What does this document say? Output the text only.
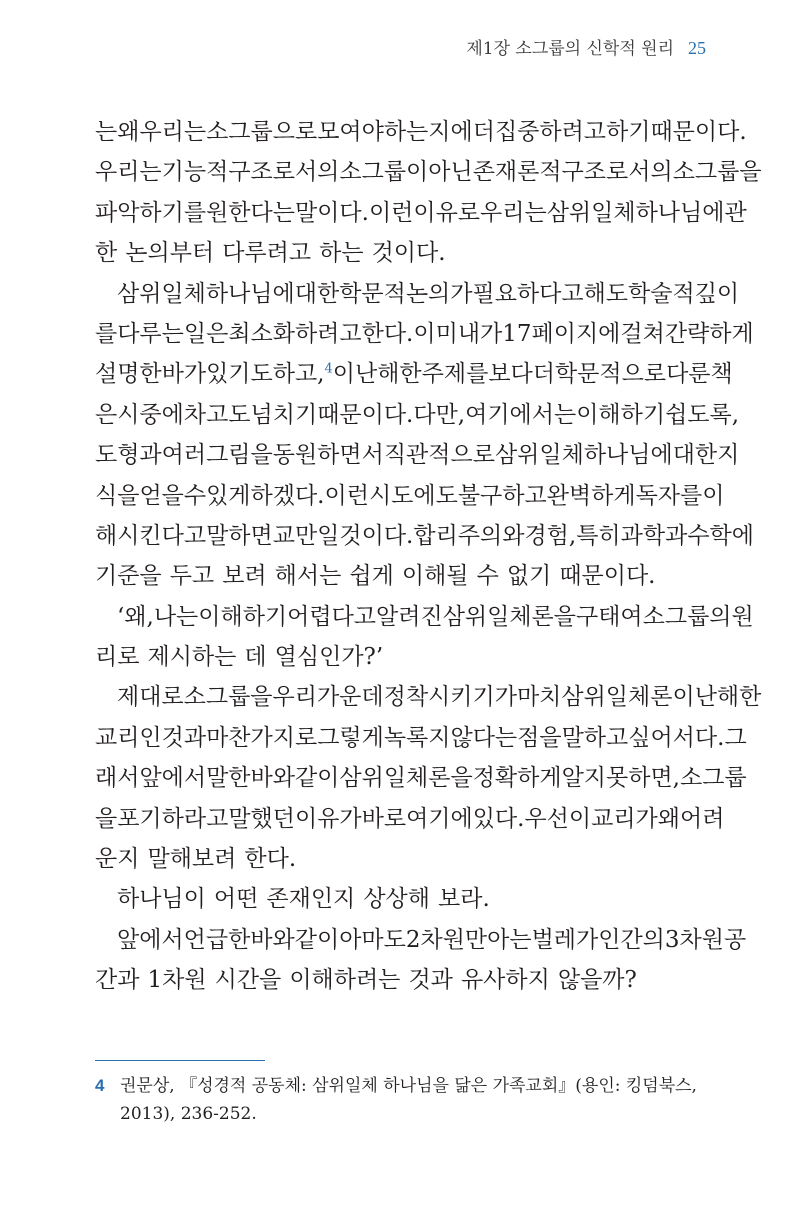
제1장 소그룹의 신학적 원리 25
는 왜 우리는 소그룹으로 모여야 하는지에 더 집중하려고 하기 때문이다.
우리는 기능적 구조로서의 소그룹이 아닌 존재론적 구조로서의 소그룹을
파악하기를 원한다는 말이다. 이런 이유로 우리는 삼위일체 하나님에 관
한 논의부터 다루려고 하는 것이다.
삼위일체 하나님에 대한 학문적 논의가 필요하다고 해도 학술적 깊이
를 다루는 일은 최소화하려고 한다. 이미 내가 17페이지에 걸쳐 간략하게
설명한 바가 있기도 하고,$^4$ 이 난해한 주제를 보다 더 학문적으로 다룬 책
은 시중에 차고도 넘치기 때문이다. 다만, 여기에서는 이해하기 쉽도록,
도형과 여러 그림을 동원하면서 직관적으로 삼위일체 하나님에 대한 지
식을 얻을 수 있게 하겠다. 이런 시도에도 불구하고 완벽하게 독자를 이
해시킨다고 말하면 교만일 것이다. 합리주의와 경험, 특히 과학과 수학에
기준을 두고 보려 해서는 쉽게 이해될 수 없기 때문이다.
‘왜, 나는 이해하기 어렵다고 알려진 삼위일체론을 구태여 소그룹의 원
리로 제시하는 데 열심인가?’
제대로 소그룹을 우리 가운데 정착시키기가 마치 삼위일체론이 난해한
교리인 것과 마찬가지로 그렇게 녹록지 않다는 점을 말하고 싶어서다. 그
래서 앞에서 말한 바와 같이 삼위일체론을 정확하게 알지 못하면, 소그룹
을 포기하라고 말했던 이유가 바로 여기에 있다. 우선 이 교리가 왜 어려
운지 말해보려 한다.
하나님이 어떤 존재인지 상상해 보라.
앞에서 언급한 바와 같이 아마도 2차원만 아는 벌레가 인간의 3차원 공
간과 1차원 시간을 이해하려는 것과 유사하지 않을까?
4 권문상, 『성경적 공동체: 삼위일체 하나님을 닮은 가족교회』(용인: 킹덤북스, 2013), 236-252.
